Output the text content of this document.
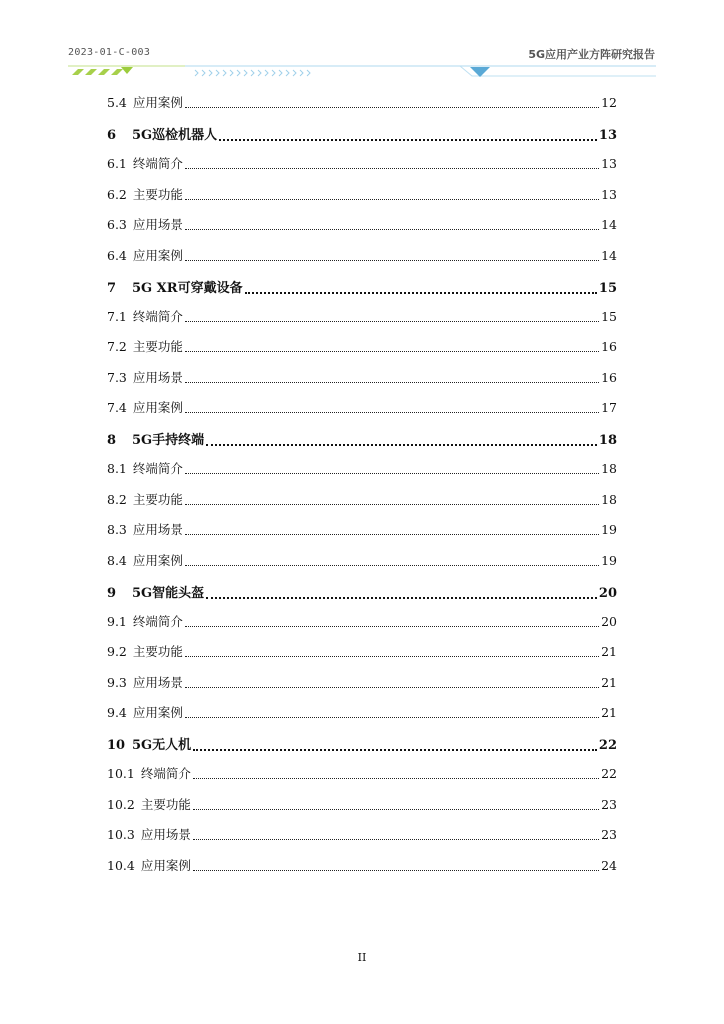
2023-01-C-003	5G应用产业方阵研究报告
5.4 应用案例	12
6	5G巡检机器人	13
6.1 终端简介	13
6.2 主要功能	13
6.3 应用场景	14
6.4 应用案例	14
7	5G XR可穿戴设备	15
7.1 终端简介	15
7.2 主要功能	16
7.3 应用场景	16
7.4 应用案例	17
8	5G手持终端	18
8.1 终端简介	18
8.2 主要功能	18
8.3 应用场景	19
8.4 应用案例	19
9	5G智能头盔	20
9.1 终端简介	20
9.2 主要功能	21
9.3 应用场景	21
9.4 应用案例	21
10 5G无人机	22
10.1 终端简介	22
10.2 主要功能	23
10.3 应用场景	23
10.4 应用案例	24
II
